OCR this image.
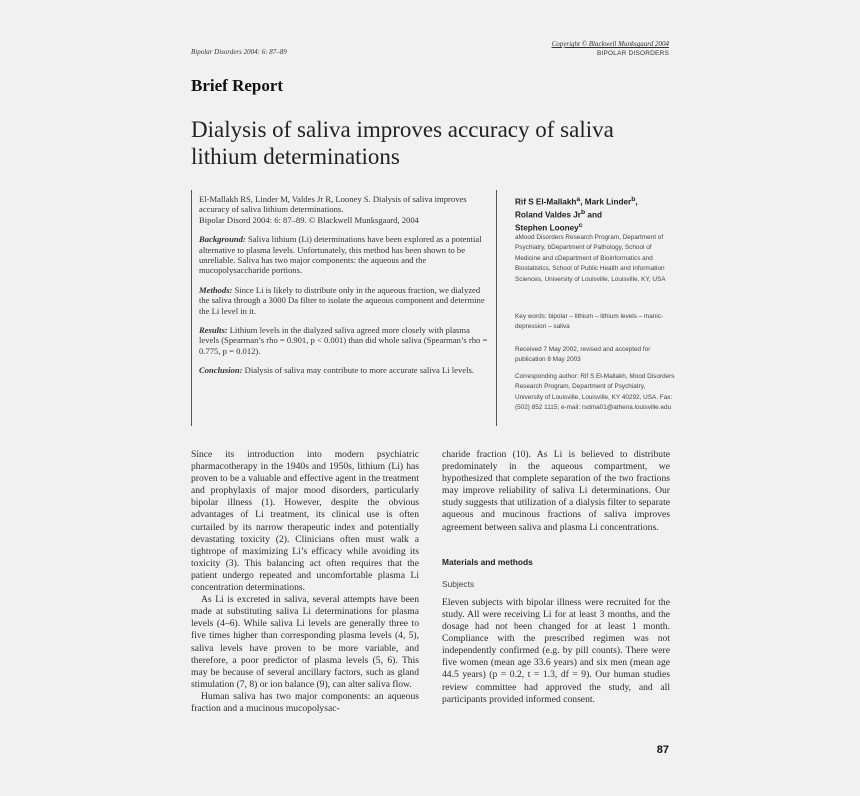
Bipolar Disorders 2004: 6: 87–89
Copyright © Blackwell Munksgaard 2004
BIPOLAR DISORDERS
Brief Report
Dialysis of saliva improves accuracy of saliva lithium determinations

El-Mallakh RS, Linder M, Valdes Jr R, Looney S. Dialysis of saliva improves accuracy of saliva lithium determinations.
Bipolar Disord 2004: 6: 87–89. © Blackwell Munksgaard, 2004

Background: Saliva lithium (Li) determinations have been explored as a potential alternative to plasma levels. Unfortunately, this method has been shown to be unreliable. Saliva has two major components: the aqueous and the mucopolysaccharide portions.

Methods: Since Li is likely to distribute only in the aqueous fraction, we dialyzed the saliva through a 3000 Da filter to isolate the aqueous component and determine the Li level in it.

Results: Lithium levels in the dialyzed saliva agreed more closely with plasma levels (Spearman’s rho = 0.901, p < 0.001) than did whole saliva (Spearman’s rho = 0.775, p = 0.012).

Conclusion: Dialysis of saliva may contribute to more accurate saliva Li levels.

Rif S El-Mallakh$^a$, Mark Linder$^b$,
Roland Valdes Jr$^b$ and
Stephen Looney$^c$
aMood Disorders Research Program, Department of Psychiatry, bDepartment of Pathology, School of Medicine and cDepartment of Bioinformatics and Biostatistics, School of Public Health and Information Sciences, University of Louisville, Louisville, KY, USA
Key words: bipolar – lithium – lithium levels – manic-depression – saliva
Received 7 May 2002, revised and accepted for publication 8 May 2003
Corresponding author: Rif S El-Mallakh, Mood Disorders Research Program, Department of Psychiatry, University of Louisville, Louisville, KY 40292, USA. Fax: (502) 852 1115; e-mail: rsdma01@athena.louisville.edu

Since its introduction into modern psychiatric pharmacotherapy in the 1940s and 1950s, lithium (Li) has proven to be a valuable and effective agent in the treatment and prophylaxis of major mood disorders, particularly bipolar illness (1). However, despite the obvious advantages of Li treatment, its clinical use is often curtailed by its narrow therapeutic index and potentially devastating toxicity (2). Clinicians often must walk a tightrope of maximizing Li’s efficacy while avoiding its toxicity (3). This balancing act often requires that the patient undergo repeated and uncomfortable plasma Li concentration determinations.

As Li is excreted in saliva, several attempts have been made at substituting saliva Li determinations for plasma levels (4–6). While saliva Li levels are generally three to five times higher than corresponding plasma levels (4, 5), saliva levels have proven to be more variable, and therefore, a poor predictor of plasma levels (5, 6). This may be because of several ancillary factors, such as gland stimulation (7, 8) or ion balance (9), can alter saliva flow.

Human saliva has two major components: an aqueous fraction and a mucinous mucopolysac-

charide fraction (10). As Li is believed to distribute predominately in the aqueous compartment, we hypothesized that complete separation of the two fractions may improve reliability of saliva Li determinations. Our study suggests that utilization of a dialysis filter to separate aqueous and mucinous fractions of saliva improves agreement between saliva and plasma Li concentrations.

Materials and methods
Subjects

Eleven subjects with bipolar illness were recruited for the study. All were receiving Li for at least 3 months, and the dosage had not been changed for at least 1 month. Compliance with the prescribed regimen was not independently confirmed (e.g. by pill counts). There were five women (mean age 33.6 years) and six men (mean age 44.5 years) (p = 0.2, t = 1.3, df = 9). Our human studies review committee had approved the study, and all participants provided informed consent.

87
